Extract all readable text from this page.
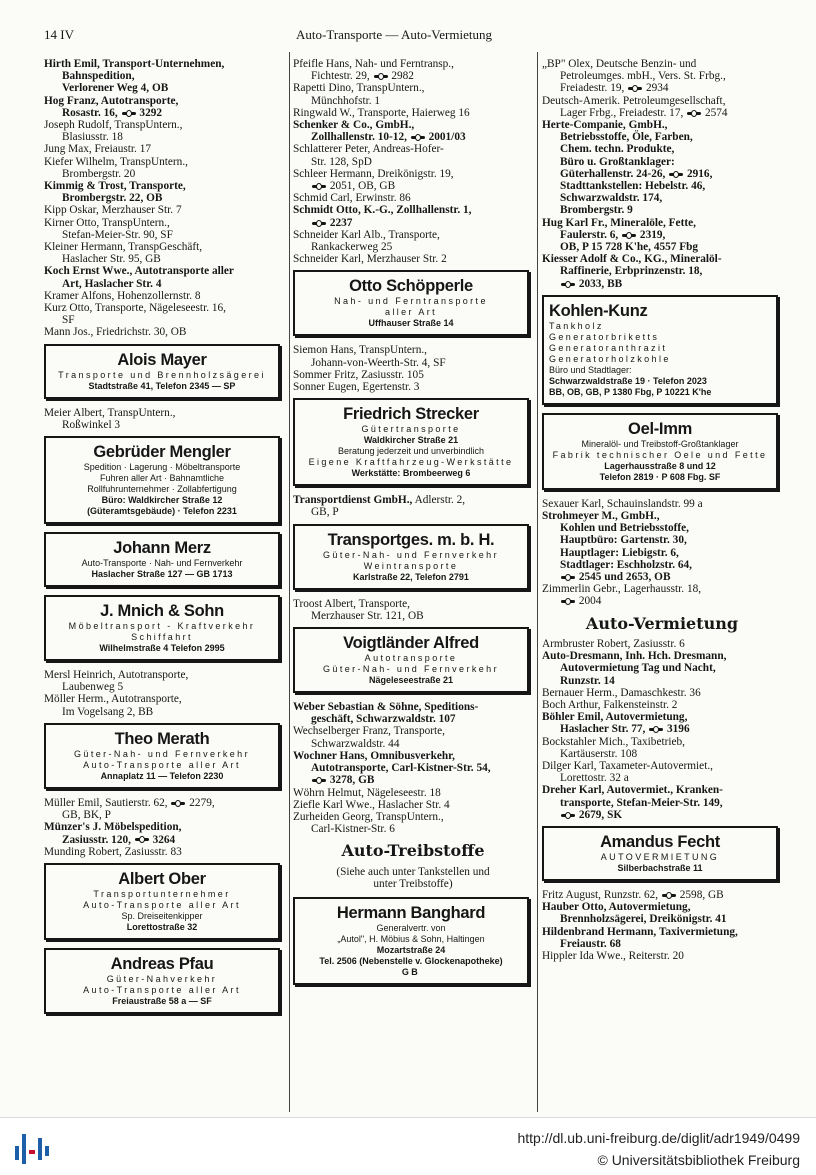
14 IV	Auto-Transporte — Auto-Vermietung
Hirth Emil, Transport-Unternehmen,
Bahnspedition,
Verlorener Weg 4, OB
Hog Franz, Autotransporte,
Rosastr. 16,  3292
Joseph Rudolf, TranspUntern.,
Blasiusstr. 18
Jung Max, Freiaustr. 17
Kiefer Wilhelm, TranspUntern.,
Brombergstr. 20
Kimmig & Trost, Transporte,
Brombergstr. 22, OB
Kipp Oskar, Merzhauser Str. 7
Kirner Otto, TranspUntern.,
Stefan-Meier-Str. 90, SF
Kleiner Hermann, TranspGeschäft,
Haslacher Str. 95, GB
Koch Ernst Wwe., Autotransporte aller
Art, Haslacher Str. 4
Kramer Alfons, Hohenzollernstr. 8
Kurz Otto, Transporte, Nägeleseestr. 16,
SF
Mann Jos., Friedrichstr. 30, OB
Alois Mayer
Transporte und Brennholzsägerei
Stadtstraße 41, Telefon 2345 — SP
Meier Albert, TranspUntern.,
Roßwinkel 3
Gebrüder Mengler
Spedition · Lagerung · Möbeltransporte
Fuhren aller Art · Bahnamtliche
Rollfuhrunternehmer · Zollabfertigung
Büro: Waldkircher Straße 12
(Güteramtsgebäude) · Telefon 2231
Johann Merz
Auto-Transporte · Nah- und Fernverkehr
Haslacher Straße 127 — GB 1713
J. Mnich & Sohn
Möbeltransport - Kraftverkehr
Schiffahrt
Wilhelmstraße 4 Telefon 2995
Mersl Heinrich, Autotransporte,
Laubenweg 5
Möller Herm., Autotransporte,
Im Vogelsang 2, BB
Theo Merath
Güter-Nah- und Fernverkehr
Auto-Transporte aller Art
Annaplatz 11 — Telefon 2230
Müller Emil, Sautierstr. 62,  2279,
GB, BK, P
Münzer's J. Möbelspedition,
Zasiusstr. 120,  3264
Munding Robert, Zasiusstr. 83
Albert Ober
Transportunternehmer
Auto-Transporte aller Art
Sp. Dreiseitenkipper
Lorettostraße 32
Andreas Pfau
Güter-Nahverkehr
Auto-Transporte aller Art
Freiaustraße 58 a — SF
Pfeifle Hans, Nah- und Ferntransp.,
Fichtestr. 29,  2982
Rapetti Dino, TranspUntern.,
Münchhofstr. 1
Ringwald W., Transporte, Haierweg 16
Schenker & Co., GmbH.,
Zollhallenstr. 10-12,  2001/03
Schlatterer Peter, Andreas-Hofer-
Str. 128, SpD
Schleer Hermann, Dreikönigstr. 19,
2051, OB, GB
Schmid Carl, Erwinstr. 86
Schmidt Otto, K.-G., Zollhallenstr. 1,
2237
Schneider Karl Alb., Transporte,
Rankackerweg 25
Schneider Karl, Merzhauser Str. 2
Otto Schöpperle
Nah- und Ferntransporte
aller Art
Uffhauser Straße 14
Siemon Hans, TranspUntern.,
Johann-von-Weerth-Str. 4, SF
Sommer Fritz, Zasiusstr. 105
Sonner Eugen, Egertenstr. 3
Friedrich Strecker
Gütertransporte
Waldkircher Straße 21
Beratung jederzeit und unverbindlich
Eigene Kraftfahrzeug-Werkstätte
Werkstätte: Brombeerweg 6
Transportdienst GmbH., Adlerstr. 2,
GB, P
Transportges. m. b. H.
Güter-Nah- und Fernverkehr
Weintransporte
Karlstraße 22, Telefon 2791
Troost Albert, Transporte,
Merzhauser Str. 121, OB
Voigtländer Alfred
Autotransporte
Güter-Nah- und Fernverkehr
Nägeleseestraße 21
Weber Sebastian & Söhne, Speditions-
geschäft, Schwarzwaldstr. 107
Wechselberger Franz, Transporte,
Schwarzwaldstr. 44
Wochner Hans, Omnibusverkehr,
Autotransporte, Carl-Kistner-Str. 54,
3278, GB
Wöhrn Helmut, Nägeleseestr. 18
Ziefle Karl Wwe., Haslacher Str. 4
Zurheiden Georg, TranspUntern.,
Carl-Kistner-Str. 6
Auto-Treibstoffe
(Siehe auch unter Tankstellen und
unter Treibstoffe)
Hermann Banghard
Generalvertr. von
„Autol", H. Möbius & Sohn, Haltingen
Mozartstraße 24
Tel. 2506 (Nebenstelle v. Glockenapotheke)
GB
„BP" Olex, Deutsche Benzin- und
Petroleumges. mbH., Vers. St. Frbg.,
Freiadestr. 19,  2934
Deutsch-Amerik. Petroleumgesellschaft,
Lager Frbg., Freiadestr. 17,  2574
Herte-Companie, GmbH.,
Betriebsstoffe, Öle, Farben,
Chem. techn. Produkte,
Büro u. Großtanklager:
Güterhallenstr. 24-26,  2916,
Stadttankstellen: Hebelstr. 46,
Schwarzwaldstr. 174,
Brombergstr. 9
Hug Karl Fr., Mineralöle, Fette,
Faulerstr. 6,  2319,
OB, P 15 728 K'he, 4557 Fbg
Kiesser Adolf & Co., KG., Mineralöl-
Raffinerie, Erbprinzenstr. 18,
2033, BB
Kohlen-Kunz
Tankholz
Generatorbriketts
Generatoranthrazit
Generatorholzkohle
Büro und Stadtlager:
Schwarzwaldstraße 19 · Telefon 2023
BB, OB, GB, P 1380 Fbg, P 10221 K'he
Oel-Imm
Mineralöl- und Treibstoff-Großtanklager
Fabrik technischer Oele und Fette
Lagerhausstraße 8 und 12
Telefon 2819 · P 608 Fbg. SF
Sexauer Karl, Schauinslandstr. 99 a
Strohmeyer M., GmbH.,
Kohlen und Betriebsstoffe,
Hauptbüro: Gartenstr. 30,
Hauptlager: Liebigstr. 6,
Stadtlager: Eschholzstr. 64,
2545 und 2653, OB
Zimmerlin Gebr., Lagerhausstr. 18,
2004
Auto-Vermietung
Armbruster Robert, Zasiusstr. 6
Auto-Dresmann, Inh. Hch. Dresmann,
Autovermietung Tag und Nacht,
Runzstr. 14
Bernauer Herm., Damaschkestr. 36
Boch Arthur, Falkensteinstr. 2
Böhler Emil, Autovermietung,
Haslacher Str. 77,  3196
Bockstahler Mich., Taxibetrieb,
Kartäuserstr. 108
Dilger Karl, Taxameter-Autovermiet.,
Lorettostr. 32 a
Dreher Karl, Autovermiet., Kranken-
transporte, Stefan-Meier-Str. 149,
2679, SK
Amandus Fecht
AUTOVERMIETUNG
Silberbachstraße 11
Fritz August, Runzstr. 62,  2598, GB
Hauber Otto, Autovermietung,
Brennholzsägerei, Dreikönigstr. 41
Hildenbrand Hermann, Taxivermietung,
Freiaustr. 68
Hippler Ida Wwe., Reiterstr. 20
http://dl.ub.uni-freiburg.de/diglit/adr1949/0499
© Universitätsbibliothek Freiburg
